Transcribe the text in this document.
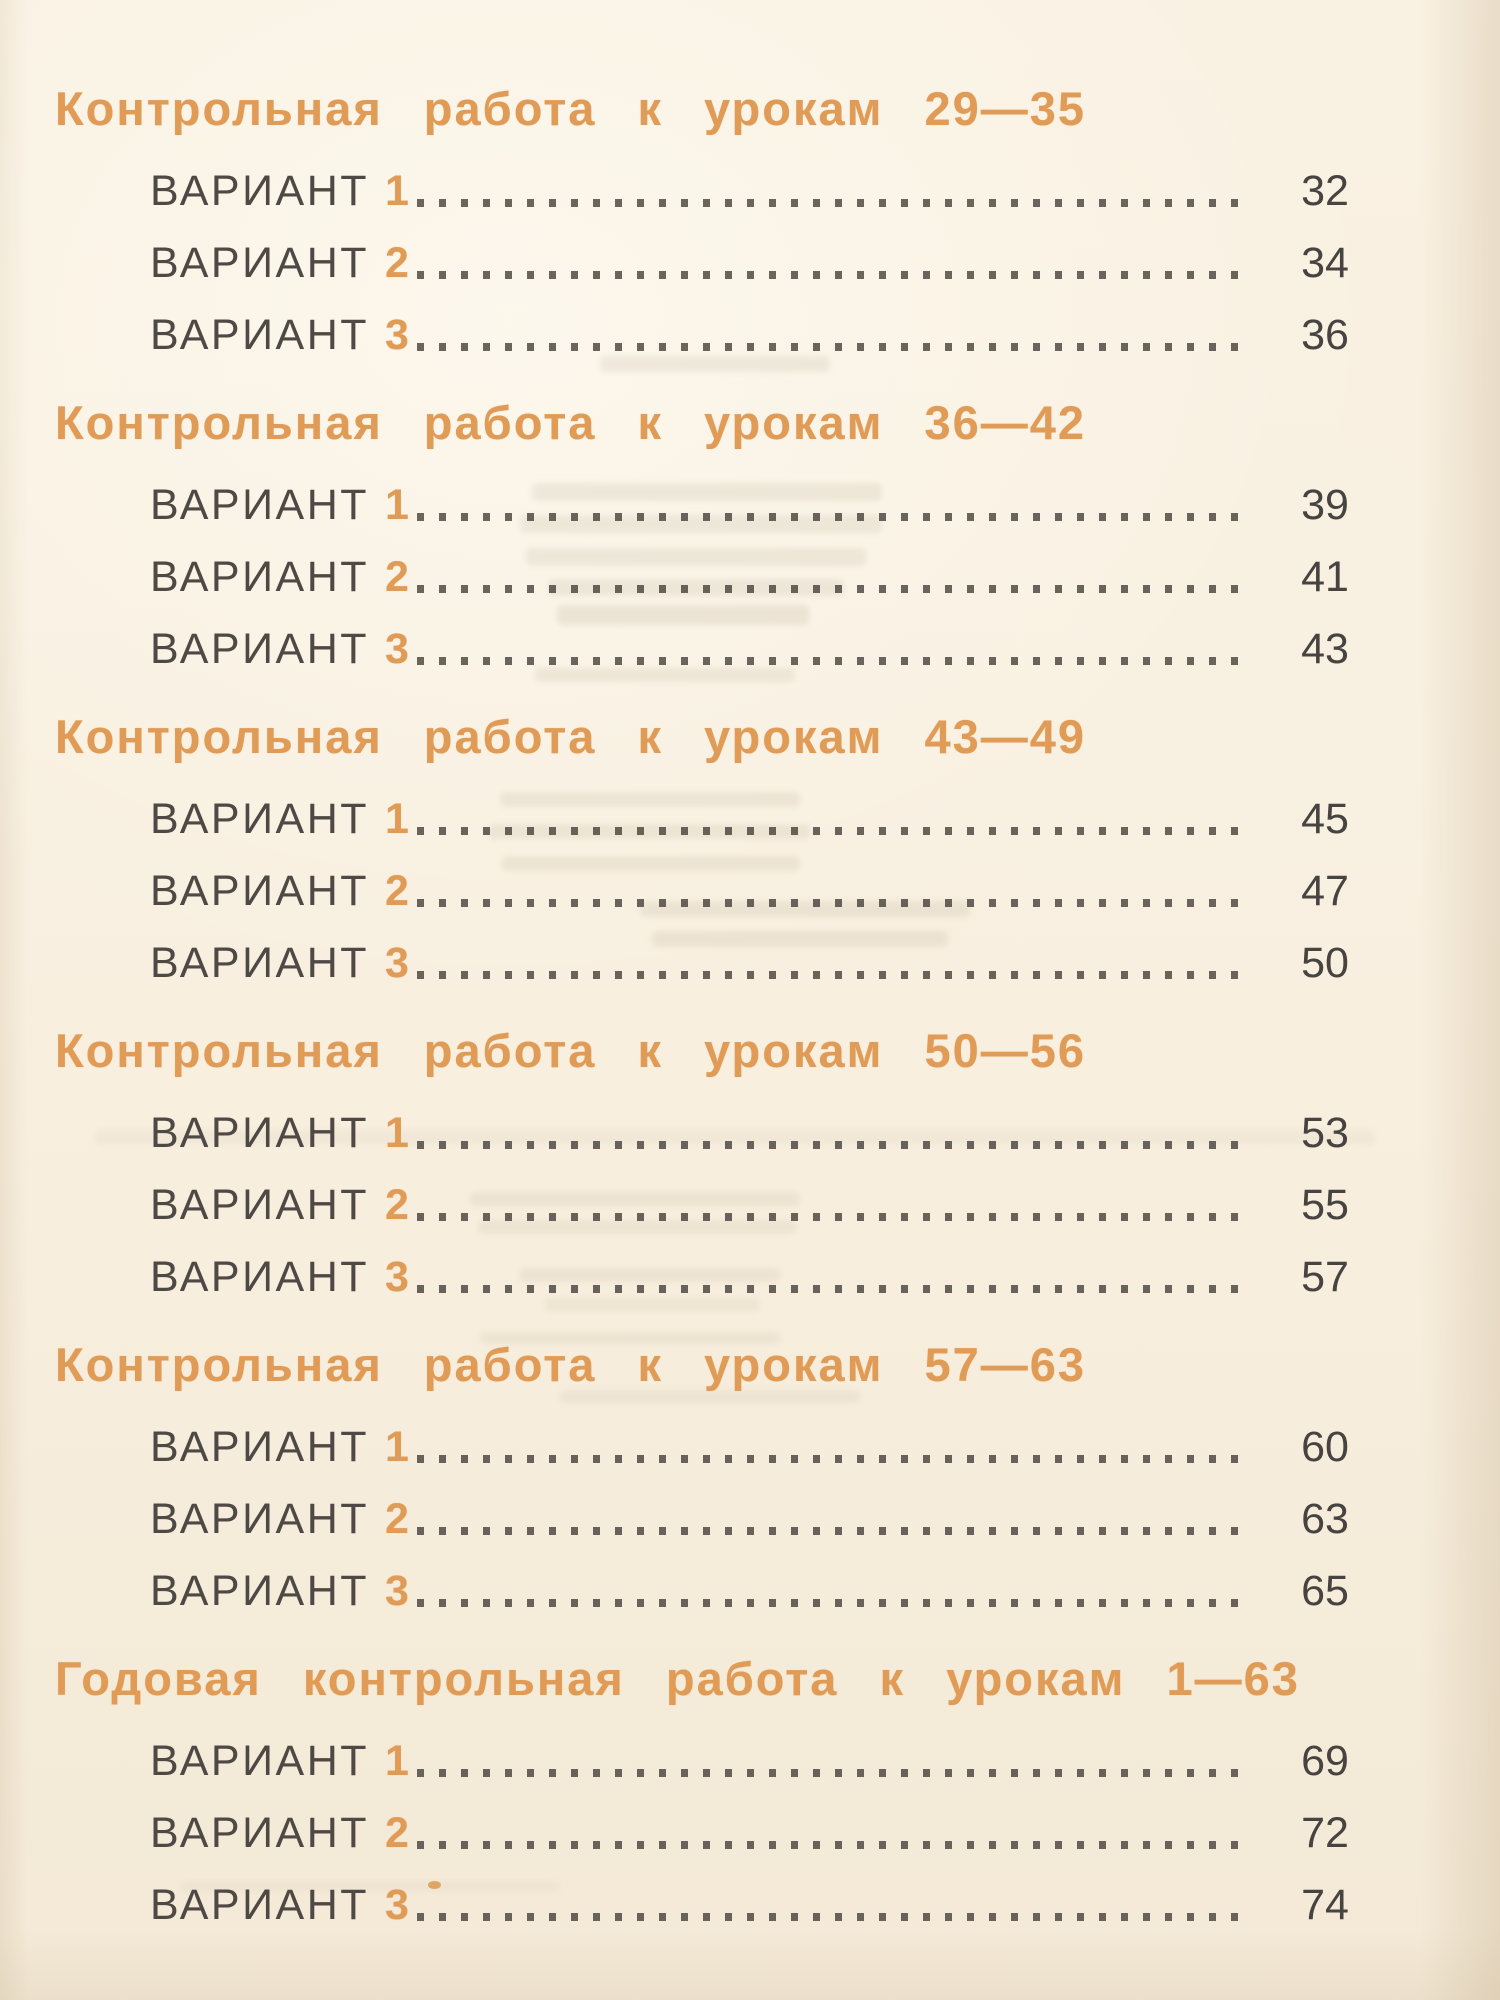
Контрольная работа к урокам 29—35
ВАРИАНТ 1	32
ВАРИАНТ 2	34
ВАРИАНТ 3	36
Контрольная работа к урокам 36—42
ВАРИАНТ 1	39
ВАРИАНТ 2	41
ВАРИАНТ 3	43
Контрольная работа к урокам 43—49
ВАРИАНТ 1	45
ВАРИАНТ 2	47
ВАРИАНТ 3	50
Контрольная работа к урокам 50—56
ВАРИАНТ 1	53
ВАРИАНТ 2	55
ВАРИАНТ 3	57
Контрольная работа к урокам 57—63
ВАРИАНТ 1	60
ВАРИАНТ 2	63
ВАРИАНТ 3	65
Годовая контрольная работа к урокам 1—63
ВАРИАНТ 1	69
ВАРИАНТ 2	72
ВАРИАНТ 3	74
